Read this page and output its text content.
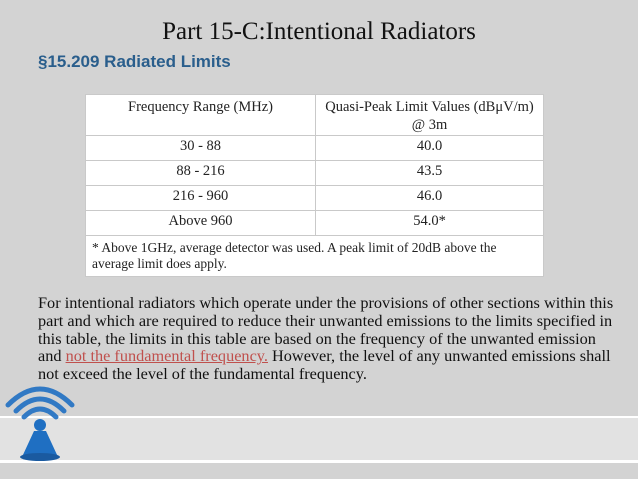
Part 15-C:Intentional Radiators
§15.209 Radiated Limits
Frequency Range (MHz)	Quasi-Peak Limit Values (dBμV/m) @ 3m
30 - 88	40.0
88 - 216	43.5
216 - 960	46.0
Above 960	54.0*
* Above 1GHz, average detector was used. A peak limit of 20dB above the average limit does apply.	
For intentional radiators which operate under the provisions of other sections within this part and which are required to reduce their unwanted emissions to the limits specified in this table, the limits in this table are based on the frequency of the unwanted emission and not the fundamental frequency. However, the level of any unwanted emissions shall not exceed the level of the fundamental frequency.
